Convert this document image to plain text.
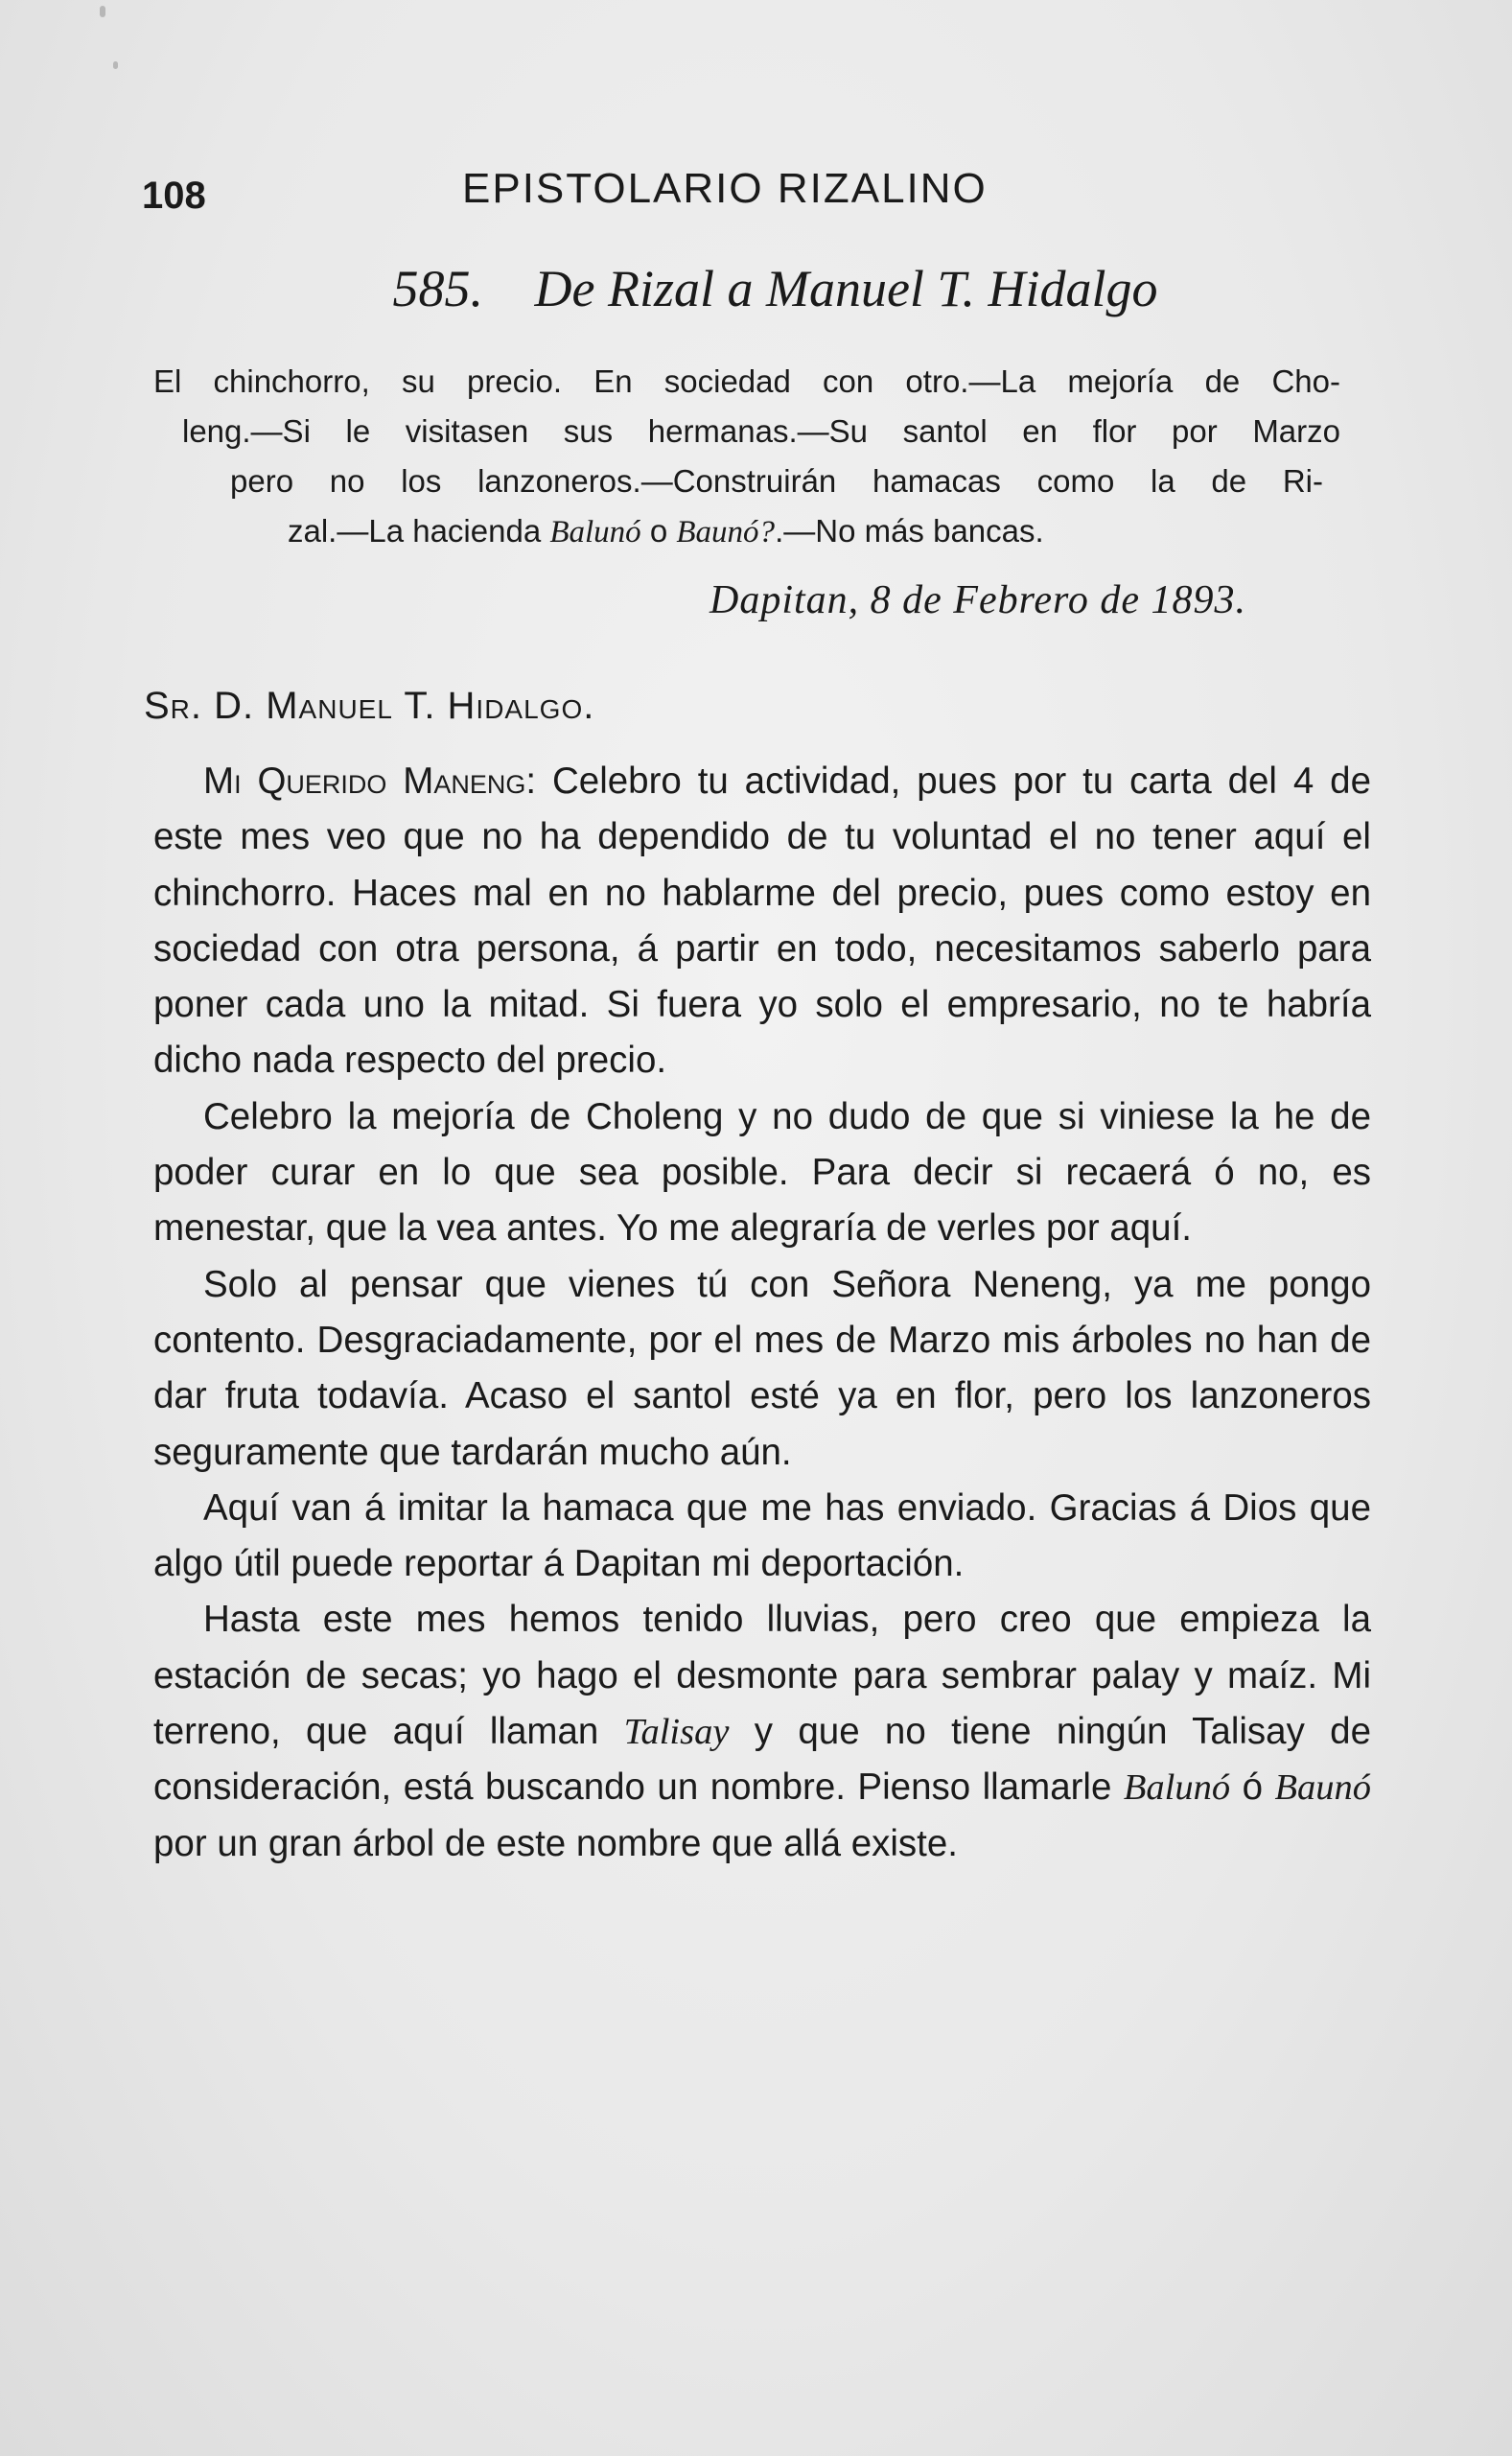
108	EPISTOLARIO RIZALINO
585. De Rizal a Manuel T. Hidalgo
El chinchorro, su precio. En sociedad con otro.—La mejoría de Cho-
leng.—Si le visitasen sus hermanas.—Su santol en flor por Marzo
pero no los lanzoneros.—Construirán hamacas como la de Ri-
zal.—La hacienda Balunó o Baunó?.—No más bancas.
Dapitan, 8 de Febrero de 1893.
Sr. D. Manuel T. Hidalgo.

Mi Querido Maneng: Celebro tu actividad, pues por tu carta del 4 de este mes veo que no ha dependido de tu voluntad el no tener aquí el chinchorro. Haces mal en no hablarme del precio, pues como estoy en sociedad con otra persona, á partir en todo, necesitamos saberlo para poner cada uno la mitad. Si fuera yo solo el empresario, no te habría dicho nada respecto del precio.

Celebro la mejoría de Choleng y no dudo de que si viniese la he de poder curar en lo que sea posible. Para decir si recaerá ó no, es menestar, que la vea antes. Yo me alegraría de verles por aquí.

Solo al pensar que vienes tú con Señora Neneng, ya me pongo contento. Desgraciadamente, por el mes de Marzo mis árboles no han de dar fruta todavía. Acaso el santol esté ya en flor, pero los lanzoneros seguramente que tardarán mucho aún.

Aquí van á imitar la hamaca que me has enviado. Gracias á Dios que algo útil puede reportar á Dapitan mi deportación.

Hasta este mes hemos tenido lluvias, pero creo que empieza la estación de secas; yo hago el desmonte para sembrar palay y maíz. Mi terreno, que aquí llaman Talisay y que no tiene ningún Talisay de consideración, está buscando un nombre. Pienso llamarle Balunó ó Baunó por un gran árbol de este nombre que allá existe.
